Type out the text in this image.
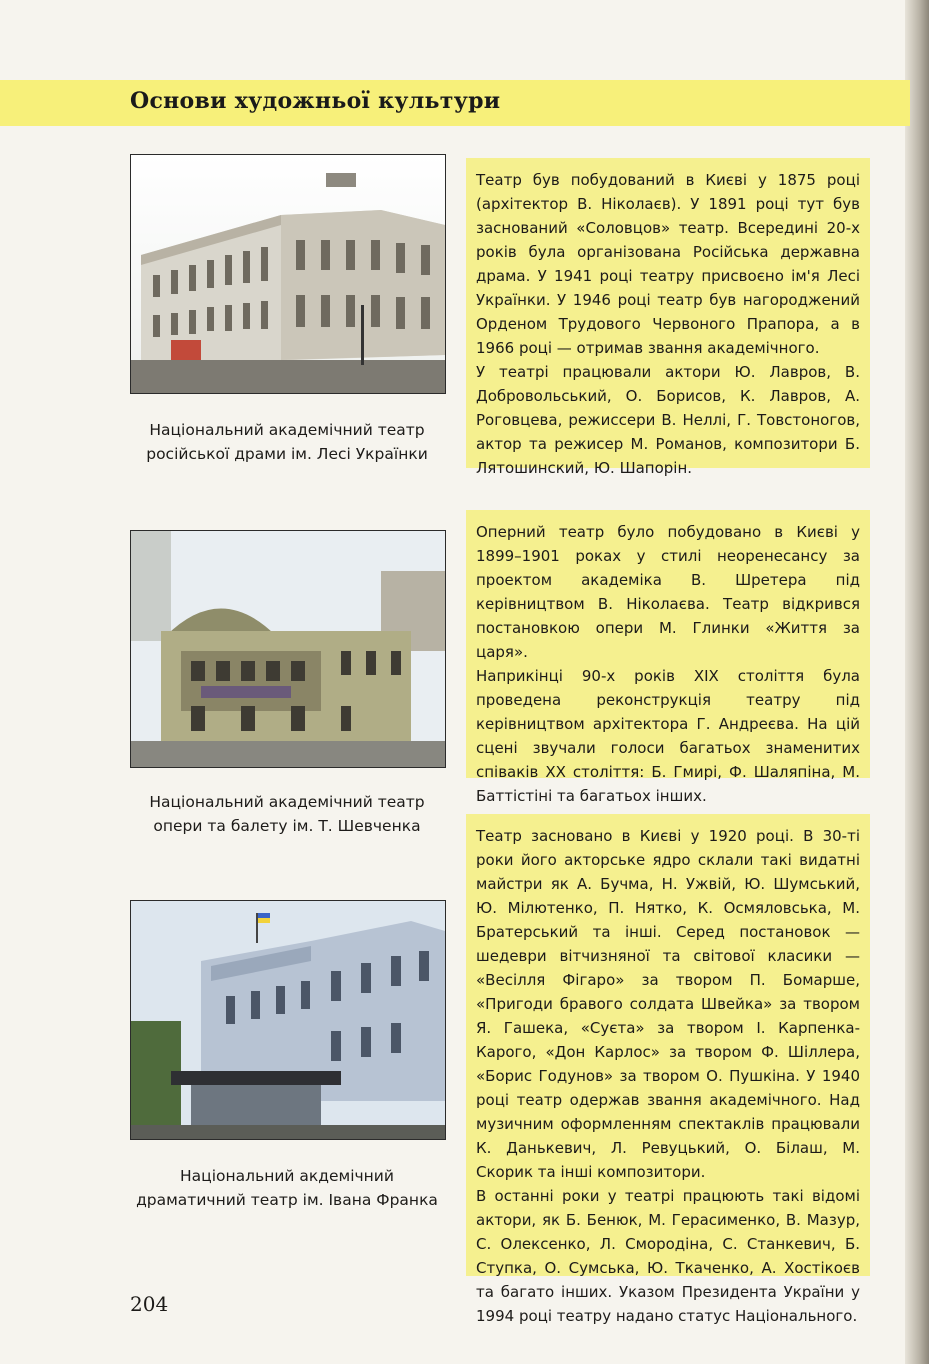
Основи художньої культури
Національний академічний театр
російської драми ім. Лесі Українки

Театр був побудований в Києві у 1875 році (архітектор В. Ніколаєв). У 1891 році тут був заснований «Соловцов» театр. Всередині 20-х років була організована Російська державна драма. У 1941 році театру присвоєно ім'я Лесі Українки. У 1946 році театр був нагороджений Орденом Трудового Червоного Прапора, а в 1966 році — отримав звання академічного.

У театрі працювали актори Ю. Лавров, В. Добровольський, О. Борисов, К. Лавров, А. Роговцева, режиссери В. Неллі, Г. Товстоногов, актор та режисер М. Романов, композитори Б. Лятошинский, Ю. Шапорін.

Національний академічний театр
опери та балету ім. Т. Шевченка

Оперний театр було побудовано в Києві у 1899–1901 роках у стилі неоренесансу за проектом академіка В. Шретера під керівництвом В. Ніколаєва. Театр відкрився постановкою опери М. Глинки «Життя за царя».

Наприкінці 90-х років XIX століття була проведена реконструкція театру під керівництвом архітектора Г. Андреєва. На цій сцені звучали голоси багатьох знаменитих співаків XX століття: Б. Гмирі, Ф. Шаляпіна, М. Баттістіні та багатьох інших.

Національний акдемічний
драматичний театр ім. Івана Франка

Театр засновано в Києві у 1920 році. В 30-ті роки його акторське ядро склали такі видатні майстри як А. Бучма, Н. Ужвій, Ю. Шумський, Ю. Мілютенко, П. Нятко, К. Осмяловська, М. Братерський та інші. Серед постановок — шедеври вітчизняної та світової класики — «Весілля Фігаро» за твором П. Бомарше, «Пригоди бравого солдата Швейка» за твором Я. Гашека, «Суєта» за твором І. Карпенка-Карого, «Дон Карлос» за твором Ф. Шіллера, «Борис Годунов» за твором О. Пушкіна. У 1940 році театр одержав звання академічного. Над музичним оформленням спектаклів працювали К. Данькевич, Л. Ревуцький, О. Білаш, М. Скорик та інші композитори.

В останні роки у театрі працюють такі відомі актори, як Б. Бенюк, М. Герасименко, В. Мазур, С. Олексенко, Л. Смородіна, С. Станкевич, Б. Ступка, О. Сумська, Ю. Ткаченко, А. Хостікоєв та багато інших. Указом Президента України у 1994 році театру надано статус Національного.

204
